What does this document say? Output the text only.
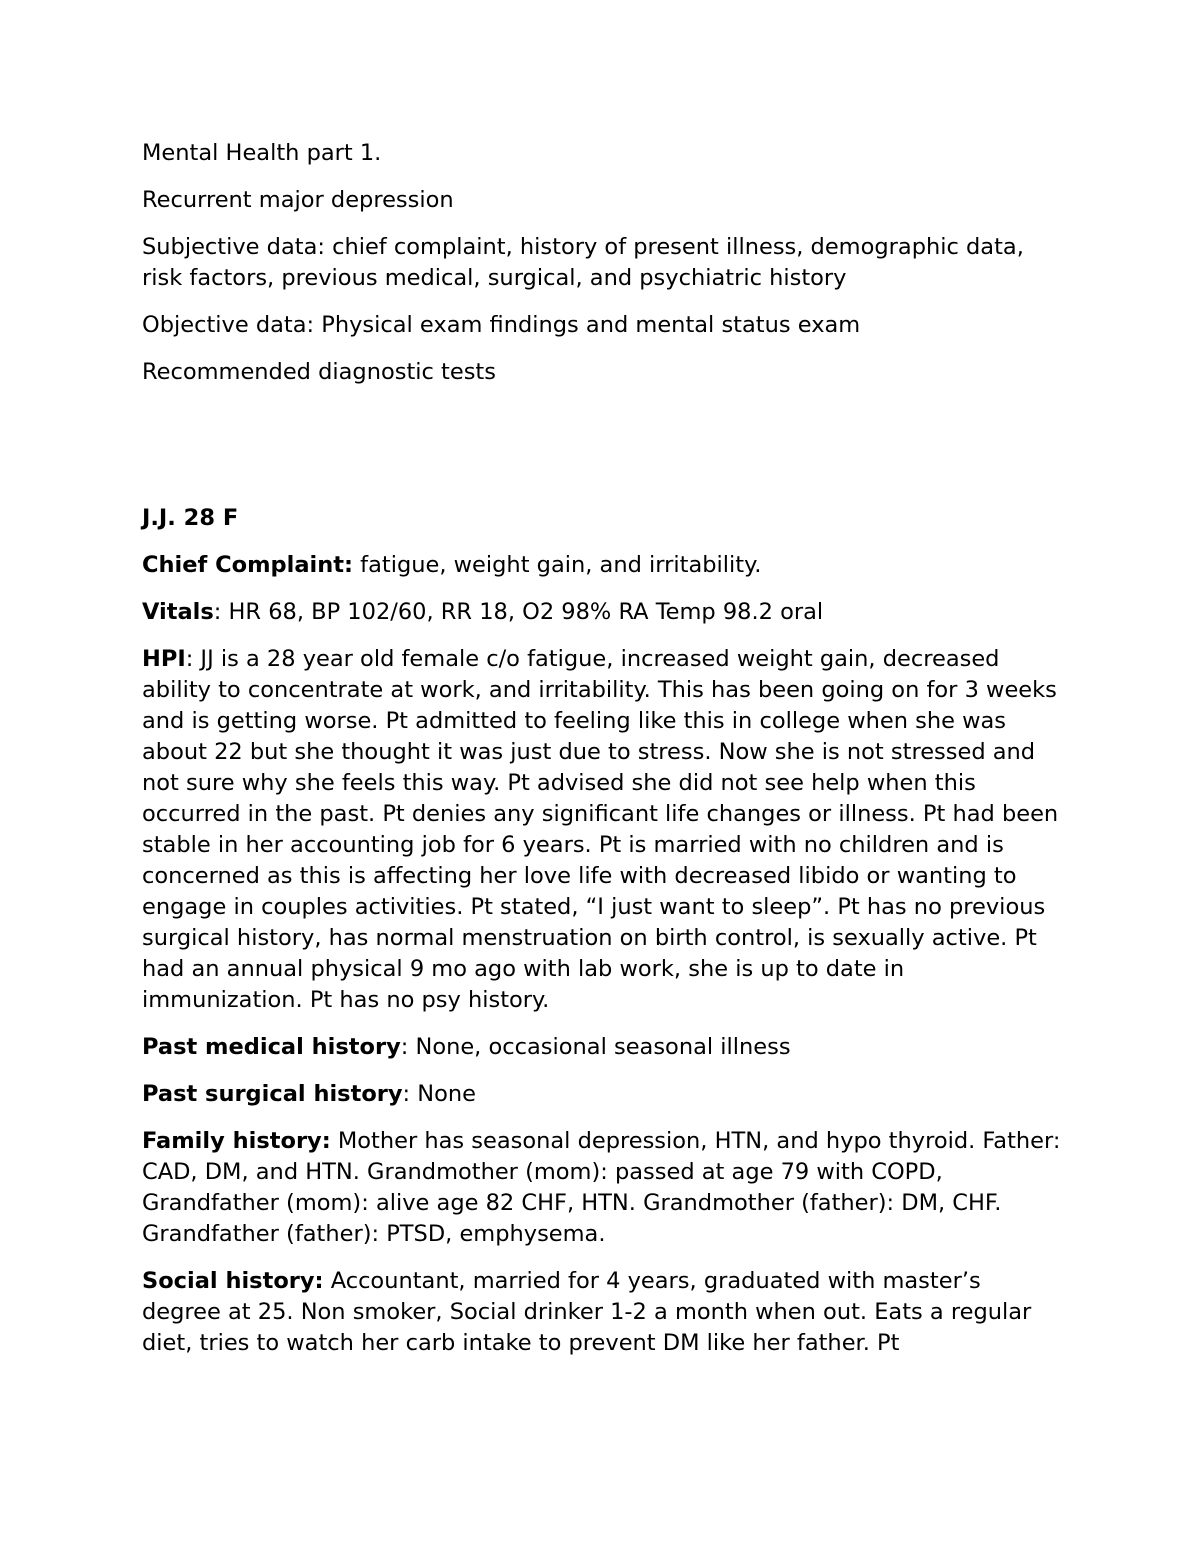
Mental Health part 1.

Recurrent major depression

Subjective data: chief complaint, history of present illness, demographic data, risk factors, previous medical, surgical, and psychiatric history

Objective data: Physical exam findings and mental status exam

Recommended diagnostic tests

J.J. 28 F

Chief Complaint: fatigue, weight gain, and irritability.

Vitals: HR 68, BP 102/60, RR 18, O2 98% RA Temp 98.2 oral

HPI: JJ is a 28 year old female c/o fatigue, increased weight gain, decreased ability to concentrate at work, and irritability. This has been going on for 3 weeks and is getting worse. Pt admitted to feeling like this in college when she was about 22 but she thought it was just due to stress. Now she is not stressed and not sure why she feels this way. Pt advised she did not see help when this occurred in the past. Pt denies any significant life changes or illness. Pt had been stable in her accounting job for 6 years. Pt is married with no children and is concerned as this is affecting her love life with decreased libido or wanting to engage in couples activities. Pt stated, “I just want to sleep”. Pt has no previous surgical history, has normal menstruation on birth control, is sexually active. Pt had an annual physical 9 mo ago with lab work, she is up to date in immunization. Pt has no psy history.

Past medical history: None, occasional seasonal illness

Past surgical history: None

Family history: Mother has seasonal depression, HTN, and hypo thyroid. Father: CAD, DM, and HTN. Grandmother (mom): passed at age 79 with COPD, Grandfather (mom): alive age 82 CHF, HTN. Grandmother (father): DM, CHF. Grandfather (father): PTSD, emphysema.

Social history: Accountant, married for 4 years, graduated with master’s degree at 25. Non smoker, Social drinker 1-2 a month when out. Eats a regular diet, tries to watch her carb intake to prevent DM like her father. Pt
